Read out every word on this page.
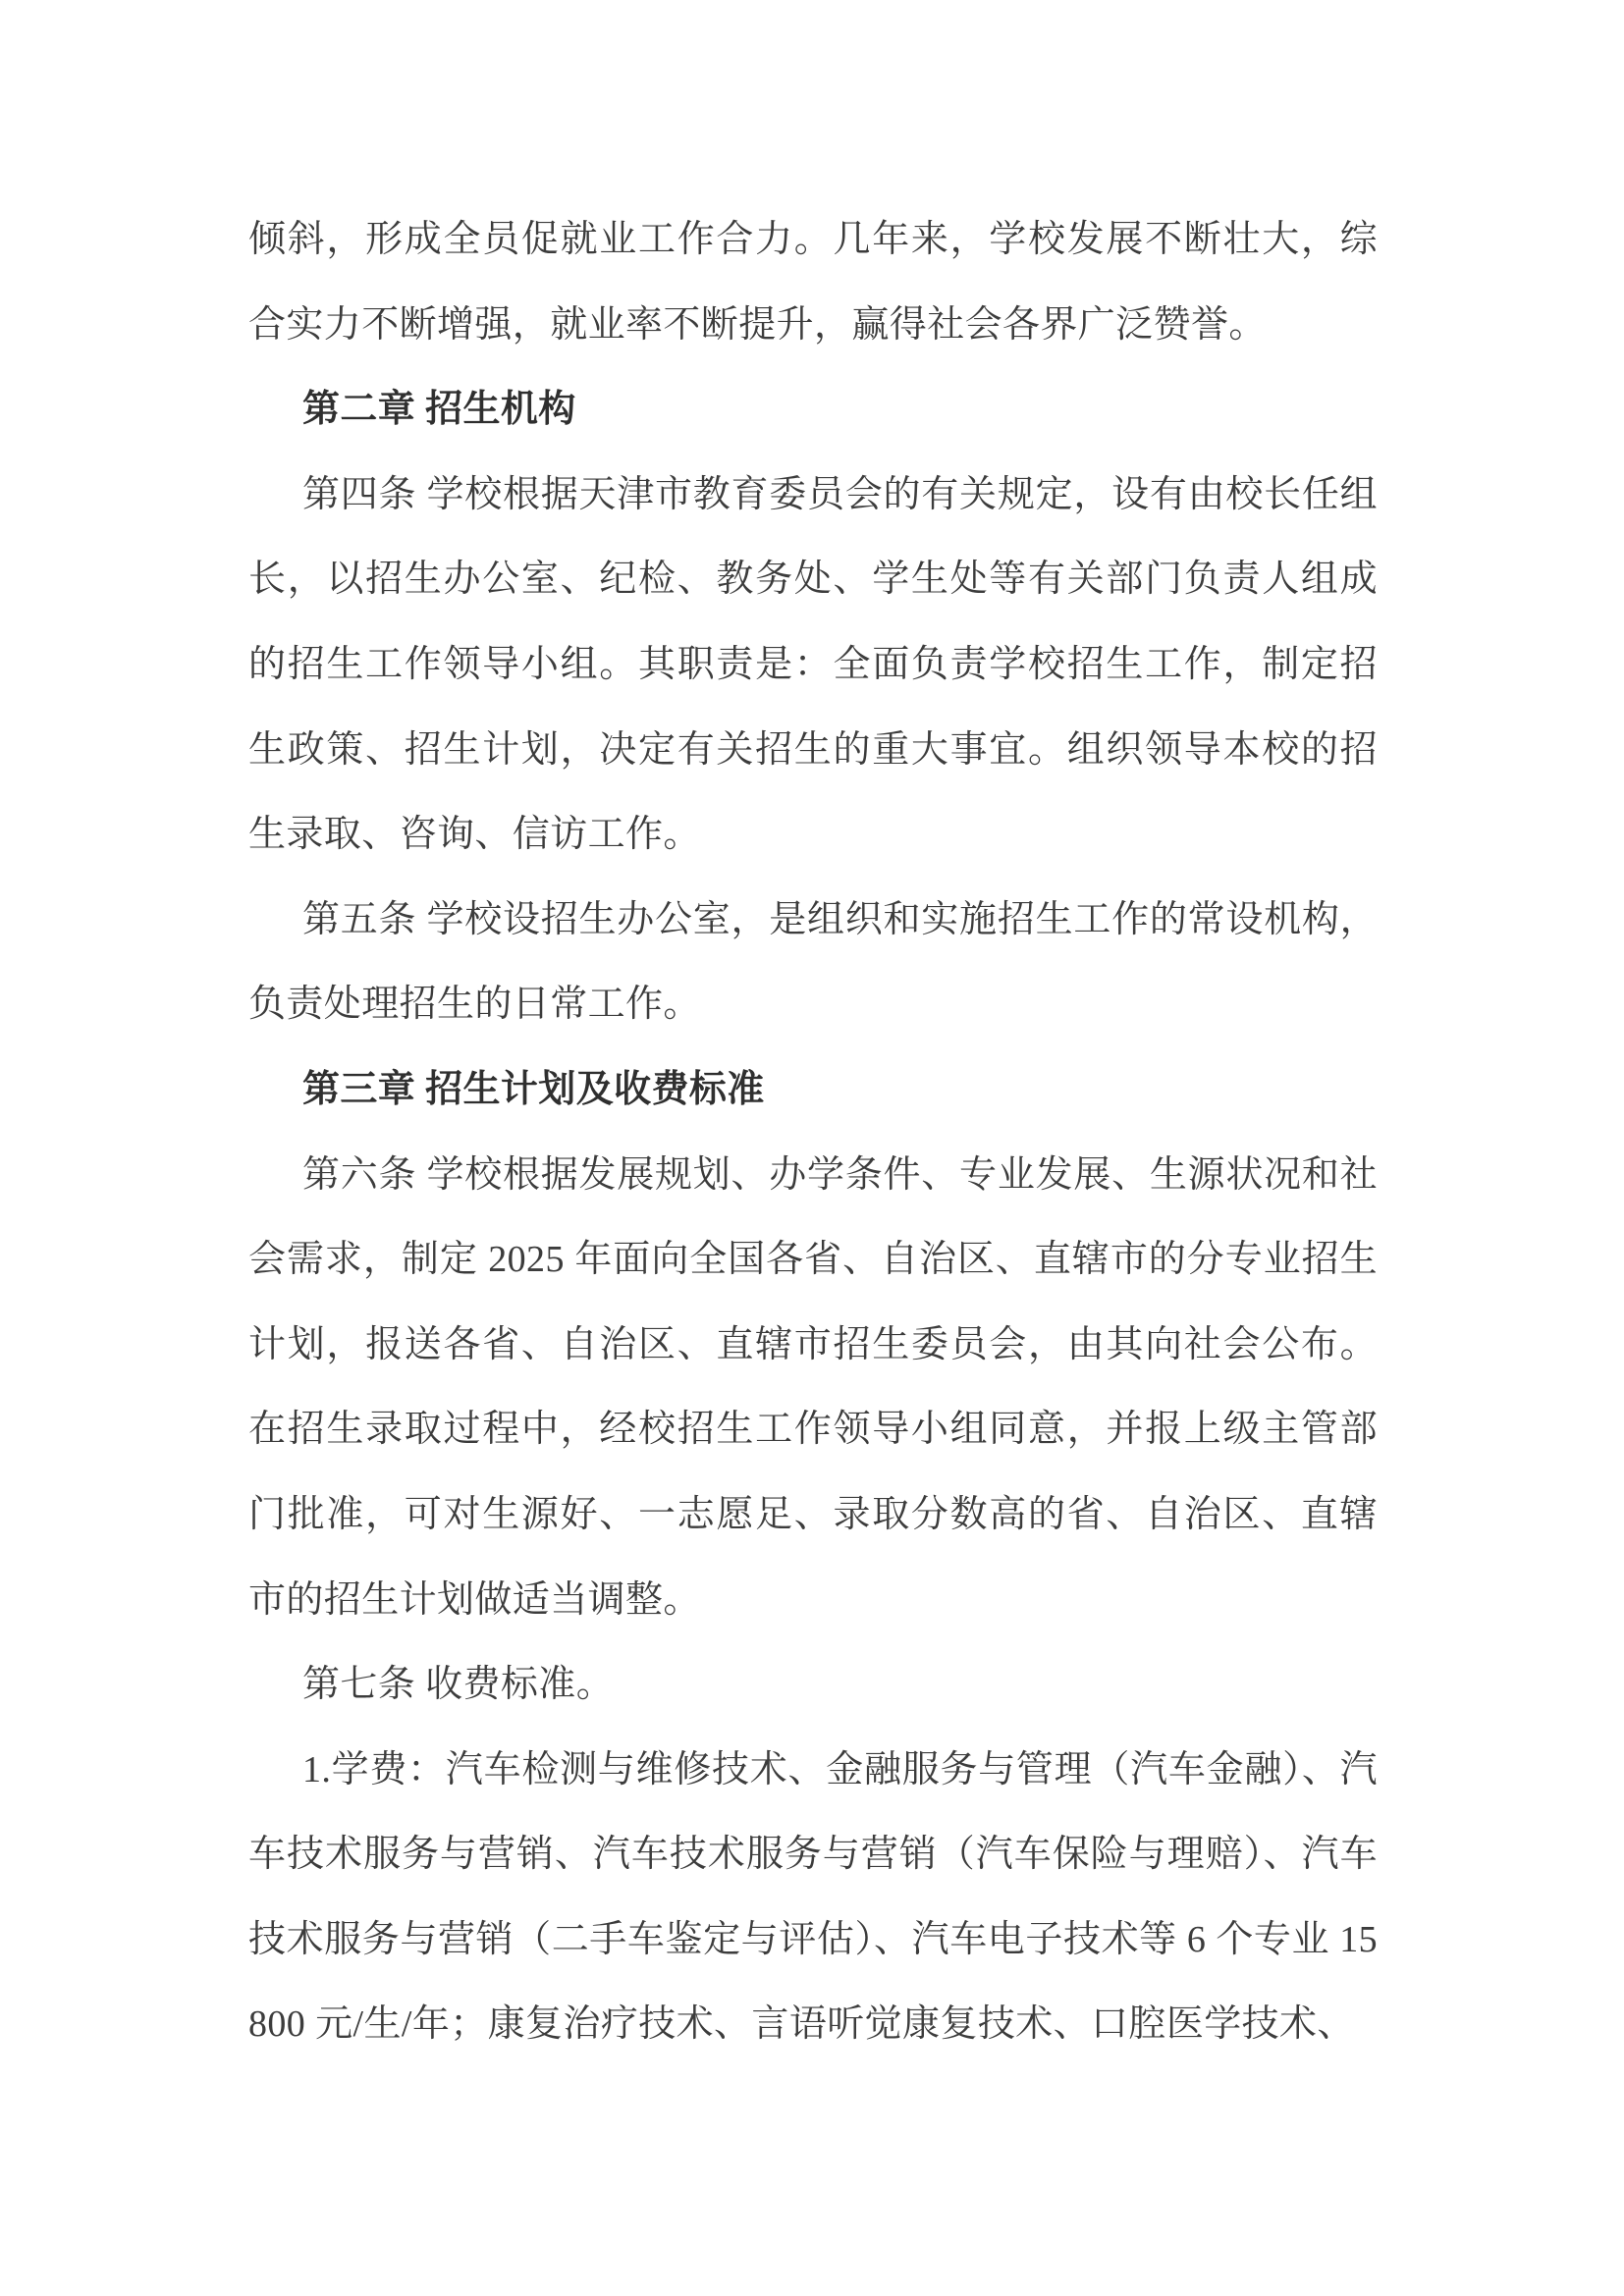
倾斜，形成全员促就业工作合力。几年来，学校发展不断壮大，综合实力不断增强，就业率不断提升，赢得社会各界广泛赞誉。

第二章 招生机构

第四条 学校根据天津市教育委员会的有关规定，设有由校长任组长，以招生办公室、纪检、教务处、学生处等有关部门负责人组成的招生工作领导小组。其职责是：全面负责学校招生工作，制定招生政策、招生计划，决定有关招生的重大事宜。组织领导本校的招生录取、咨询、信访工作。

第五条 学校设招生办公室，是组织和实施招生工作的常设机构，负责处理招生的日常工作。

第三章 招生计划及收费标准

第六条 学校根据发展规划、办学条件、专业发展、生源状况和社会需求，制定 2025 年面向全国各省、自治区、直辖市的分专业招生计划，报送各省、自治区、直辖市招生委员会，由其向社会公布。在招生录取过程中，经校招生工作领导小组同意，并报上级主管部门批准，可对生源好、一志愿足、录取分数高的省、自治区、直辖市的招生计划做适当调整。

第七条 收费标准。

1.学费：汽车检测与维修技术、金融服务与管理（汽车金融）、汽车技术服务与营销、汽车技术服务与营销（汽车保险与理赔）、汽车技术服务与营销（二手车鉴定与评估）、汽车电子技术等 6 个专业 15800 元/生/年；康复治疗技术、言语听觉康复技术、口腔医学技术、
